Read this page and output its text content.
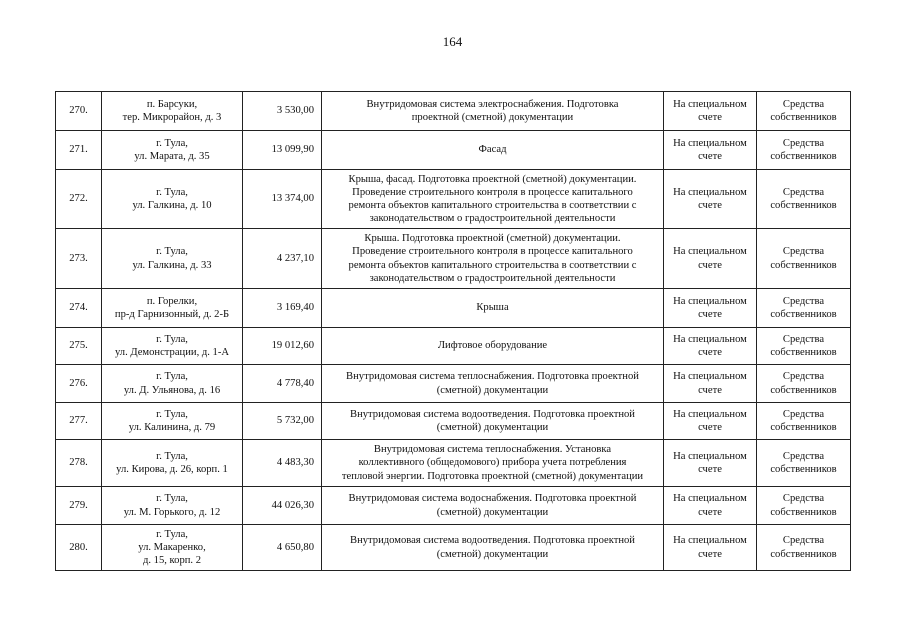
164
270.	п. Барсуки,
тер. Микрорайон, д. 3	3 530,00	Внутридомовая система электроснабжения. Подготовка
проектной (сметной) документации	На специальном
счете	Средства
собственников

271.	г. Тула,
ул. Марата, д. 35	13 099,90	Фасад	На специальном
счете	Средства
собственников

272.	г. Тула,
ул. Галкина, д. 10	13 374,00	Крыша, фасад. Подготовка проектной (сметной) документации.
Проведение строительного контроля в процессе капитального
ремонта объектов капитального строительства в соответствии с
законодательством о градостроительной деятельности	На специальном
счете	Средства
собственников

273.	г. Тула,
ул. Галкина, д. 33	4 237,10	Крыша. Подготовка проектной (сметной) документации.
Проведение строительного контроля в процессе капитального
ремонта объектов капитального строительства в соответствии с
законодательством о градостроительной деятельности	На специальном
счете	Средства
собственников

274.	п. Горелки,
пр-д Гарнизонный, д. 2-Б	3 169,40	Крыша	На специальном
счете	Средства
собственников

275.	г. Тула,
ул. Демонстрации, д. 1-А	19 012,60	Лифтовое оборудование	На специальном
счете	Средства
собственников

276.	г. Тула,
ул. Д. Ульянова, д. 16	4 778,40	Внутридомовая система теплоснабжения. Подготовка проектной
(сметной) документации	На специальном
счете	Средства
собственников

277.	г. Тула,
ул. Калинина, д. 79	5 732,00	Внутридомовая система водоотведения. Подготовка проектной
(сметной) документации	На специальном
счете	Средства
собственников

278.	г. Тула,
ул. Кирова, д. 26, корп. 1	4 483,30	Внутридомовая система теплоснабжения. Установка
коллективного (общедомового) прибора учета потребления
тепловой энергии. Подготовка проектной (сметной) документации	На специальном
счете	Средства
собственников

279.	г. Тула,
ул. М. Горького, д. 12	44 026,30	Внутридомовая система водоснабжения. Подготовка проектной
(сметной) документации	На специальном
счете	Средства
собственников

280.	г. Тула,
ул. Макаренко,
д. 15, корп. 2	4 650,80	Внутридомовая система водоотведения. Подготовка проектной
(сметной) документации	На специальном
счете	Средства
собственников
